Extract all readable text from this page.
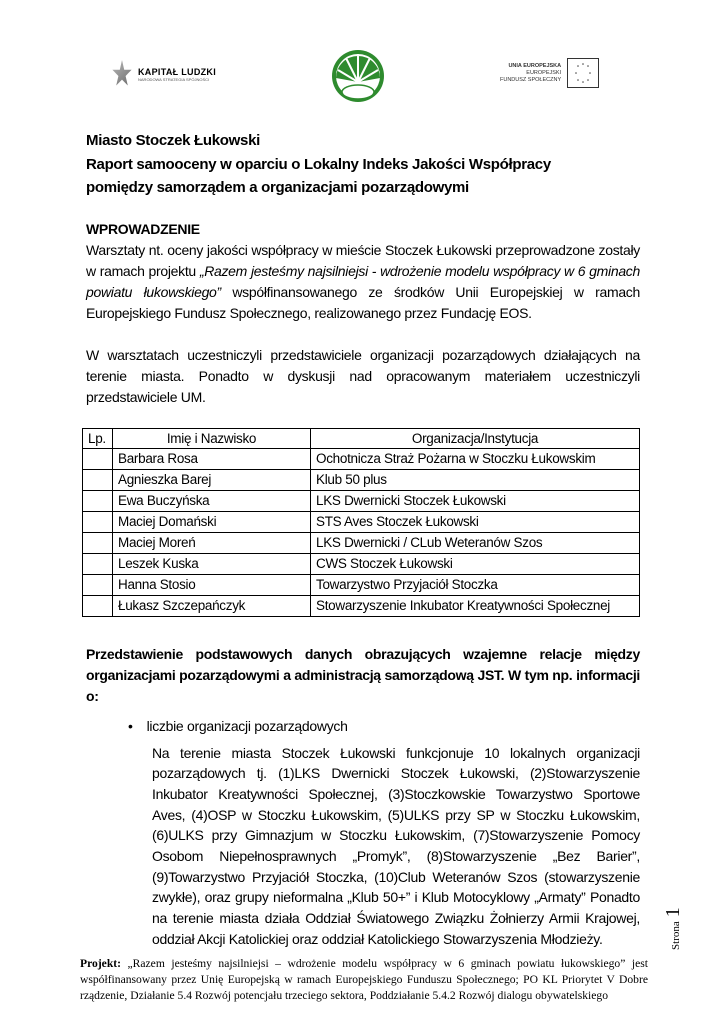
KAPITAŁ LUDZKI
NARODOWA STRATEGIA SPÓJNOŚCI
UNIA EUROPEJSKA
EUROPEJSKI
FUNDUSZ SPOŁECZNY
Miasto Stoczek Łukowski
Raport samooceny w oparciu o Lokalny Indeks Jakości Współpracy
pomiędzy samorządem a organizacjami pozarządowymi
WPROWADZENIE

Warsztaty nt. oceny jakości współpracy w mieście Stoczek Łukowski przeprowadzone zostały w ramach projektu „Razem jesteśmy najsilniejsi - wdrożenie modelu współpracy w 6 gminach powiatu łukowskiego” współfinansowanego ze środków Unii Europejskiej w ramach Europejskiego Fundusz Społecznego, realizowanego przez Fundację EOS.

W warsztatach uczestniczyli przedstawiciele organizacji pozarządowych działających na terenie miasta. Ponadto w dyskusji nad opracowanym materiałem uczestniczyli przedstawiciele UM.

Lp.	Imię i Nazwisko	Organizacja/Instytucja
	Barbara Rosa	Ochotnicza Straż Pożarna w Stoczku Łukowskim
	Agnieszka Barej	Klub 50 plus
	Ewa Buczyńska	LKS Dwernicki Stoczek Łukowski
	Maciej Domański	STS Aves Stoczek Łukowski
	Maciej Moreń	LKS Dwernicki / CLub Weteranów Szos
	Leszek Kuska	CWS Stoczek Łukowski
	Hanna Stosio	Towarzystwo Przyjaciół Stoczka
	Łukasz Szczepańczyk	Stowarzyszenie Inkubator Kreatywności Społecznej

Przedstawienie podstawowych danych obrazujących wzajemne relacje między organizacjami pozarządowymi a administracją samorządową JST. W tym np. informacji o:

• liczbie organizacji pozarządowych

Na terenie miasta Stoczek Łukowski funkcjonuje 10 lokalnych organizacji pozarządowych tj. (1)LKS Dwernicki Stoczek Łukowski, (2)Stowarzyszenie Inkubator Kreatywności Społecznej, (3)Stoczkowskie Towarzystwo Sportowe Aves, (4)OSP w Stoczku Łukowskim, (5)ULKS przy SP w Stoczku Łukowskim, (6)ULKS przy Gimnazjum w Stoczku Łukowskim, (7)Stowarzyszenie Pomocy Osobom Niepełnosprawnych „Promyk”, (8)Stowarzyszenie „Bez Barier”, (9)Towarzystwo Przyjaciół Stoczka, (10)Club Weteranów Szos (stowarzyszenie zwykłe), oraz grupy nieformalna „Klub 50+” i Klub Motocyklowy „Armaty” Ponadto na terenie miasta działa Oddział Światowego Związku Żołnierzy Armii Krajowej, oddział Akcji Katolickiej oraz oddział Katolickiego Stowarzyszenia Młodzieży.

Projekt: „Razem jesteśmy najsilniejsi – wdrożenie modelu współpracy w 6 gminach powiatu łukowskiego” jest współfinansowany przez Unię Europejską w ramach Europejskiego Funduszu Społecznego; PO KL Priorytet V Dobre rządzenie, Działanie 5.4 Rozwój potencjału trzeciego sektora, Poddziałanie 5.4.2 Rozwój dialogu obywatelskiego
Strona1
